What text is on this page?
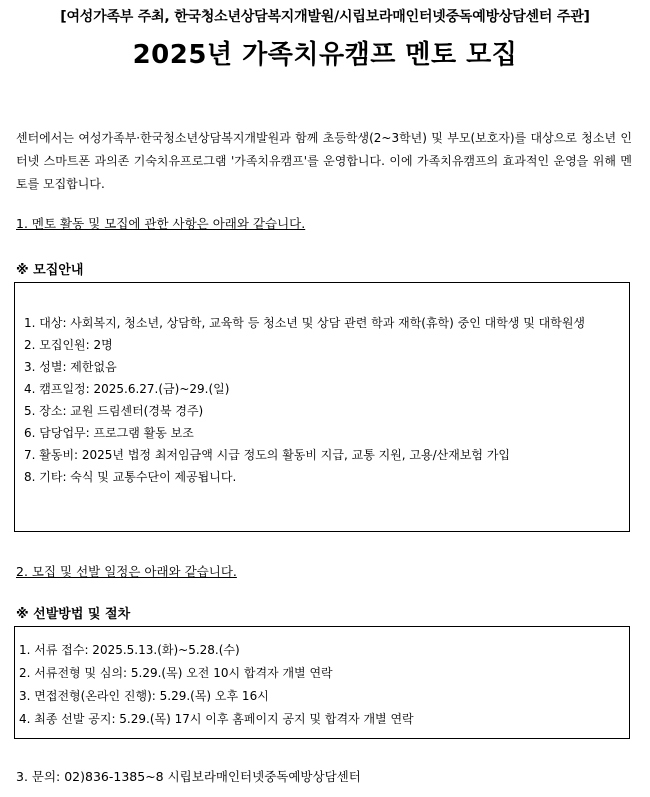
[여성가족부 주최, 한국청소년상담복지개발원/시립보라매인터넷중독예방상담센터 주관]
2025년 가족치유캠프 멘토 모집
센터에서는 여성가족부·한국청소년상담복지개발원과 함께 초등학생(2~3학년) 및 부모(보호자)를 대상으로 청소년 인터넷 스마트폰 과의존 기숙치유프로그램 '가족치유캠프'를 운영합니다. 이에 가족치유캠프의 효과적인 운영을 위해 멘토를 모집합니다.
1. 멘토 활동 및 모집에 관한 사항은 아래와 같습니다.
※ 모집안내
1. 대상: 사회복지, 청소년, 상담학, 교육학 등 청소년 및 상담 관련 학과 재학(휴학) 중인 대학생 및 대학원생
2. 모집인원: 2명
3. 성별: 제한없음
4. 캠프일정: 2025.6.27.(금)~29.(일)
5. 장소: 교원 드림센터(경북 경주)
6. 담당업무: 프로그램 활동 보조
7. 활동비: 2025년 법정 최저임금액 시급 정도의 활동비 지급, 교통 지원, 고용/산재보험 가입
8. 기타: 숙식 및 교통수단이 제공됩니다.
2. 모집 및 선발 일정은 아래와 같습니다.
※ 선발방법 및 절차
1. 서류 접수: 2025.5.13.(화)~5.28.(수)
2. 서류전형 및 심의: 5.29.(목) 오전 10시 합격자 개별 연락
3. 면접전형(온라인 진행): 5.29.(목) 오후 16시
4. 최종 선발 공지: 5.29.(목) 17시 이후 홈페이지 공지 및 합격자 개별 연락
3. 문의: 02)836-1385~8 시립보라매인터넷중독예방상담센터
